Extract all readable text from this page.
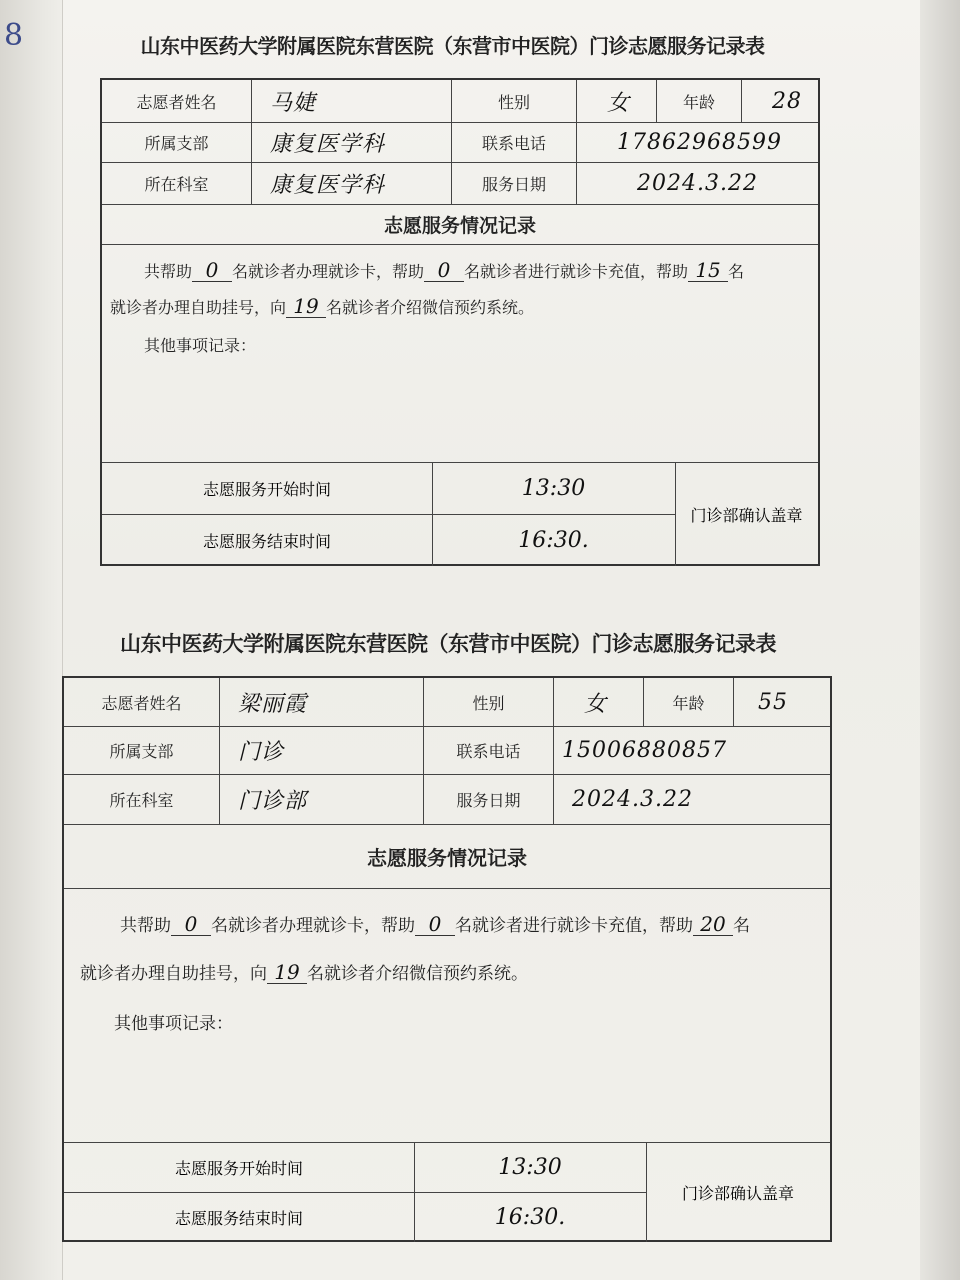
8	山东中医药大学附属医院东营医院（东营市中医院）门诊志愿服务记录表
志愿者姓名	马婕	性别	女	年龄	28
所属支部	康复医学科	联系电话	17862968599
所在科室	康复医学科	服务日期	2024.3.22
志愿服务情况记录
共帮助 0 名就诊者办理就诊卡，帮助 0 名就诊者进行就诊卡充值，帮助 15 名
就诊者办理自助挂号，向 19 名就诊者介绍微信预约系统。
其他事项记录：
志愿服务开始时间	13:30
志愿服务结束时间	16:30.
门诊部确认盖章
山东中医药大学附属医院东营医院（东营市中医院）门诊志愿服务记录表
志愿者姓名	梁丽霞	性别	女	年龄	55
所属支部	门诊	联系电话	15006880857
所在科室	门诊部	服务日期	2024.3.22
志愿服务情况记录
共帮助 0 名就诊者办理就诊卡，帮助 0 名就诊者进行就诊卡充值，帮助 20 名
就诊者办理自助挂号，向 19 名就诊者介绍微信预约系统。
其他事项记录：
志愿服务开始时间	13:30
志愿服务结束时间	16:30.
门诊部确认盖章
